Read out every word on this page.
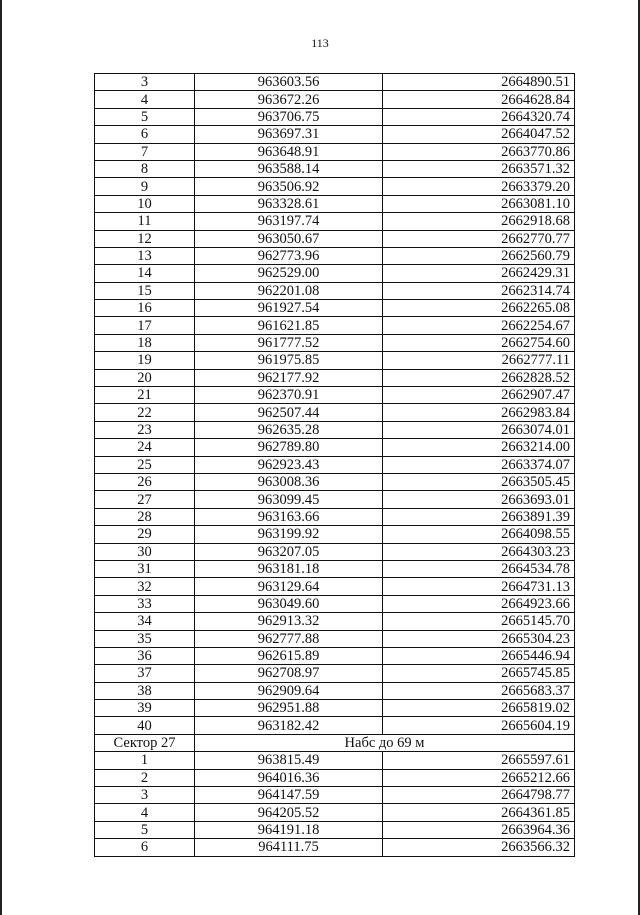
113
3	963603.56	2664890.51
4	963672.26	2664628.84
5	963706.75	2664320.74
6	963697.31	2664047.52
7	963648.91	2663770.86
8	963588.14	2663571.32
9	963506.92	2663379.20
10	963328.61	2663081.10
11	963197.74	2662918.68
12	963050.67	2662770.77
13	962773.96	2662560.79
14	962529.00	2662429.31
15	962201.08	2662314.74
16	961927.54	2662265.08
17	961621.85	2662254.67
18	961777.52	2662754.60
19	961975.85	2662777.11
20	962177.92	2662828.52
21	962370.91	2662907.47
22	962507.44	2662983.84
23	962635.28	2663074.01
24	962789.80	2663214.00
25	962923.43	2663374.07
26	963008.36	2663505.45
27	963099.45	2663693.01
28	963163.66	2663891.39
29	963199.92	2664098.55
30	963207.05	2664303.23
31	963181.18	2664534.78
32	963129.64	2664731.13
33	963049.60	2664923.66
34	962913.32	2665145.70
35	962777.88	2665304.23
36	962615.89	2665446.94
37	962708.97	2665745.85
38	962909.64	2665683.37
39	962951.88	2665819.02
40	963182.42	2665604.19
Сектор 27	Набс до 69 м	
1	963815.49	2665597.61
2	964016.36	2665212.66
3	964147.59	2664798.77
4	964205.52	2664361.85
5	964191.18	2663964.36
6	964111.75	2663566.32
